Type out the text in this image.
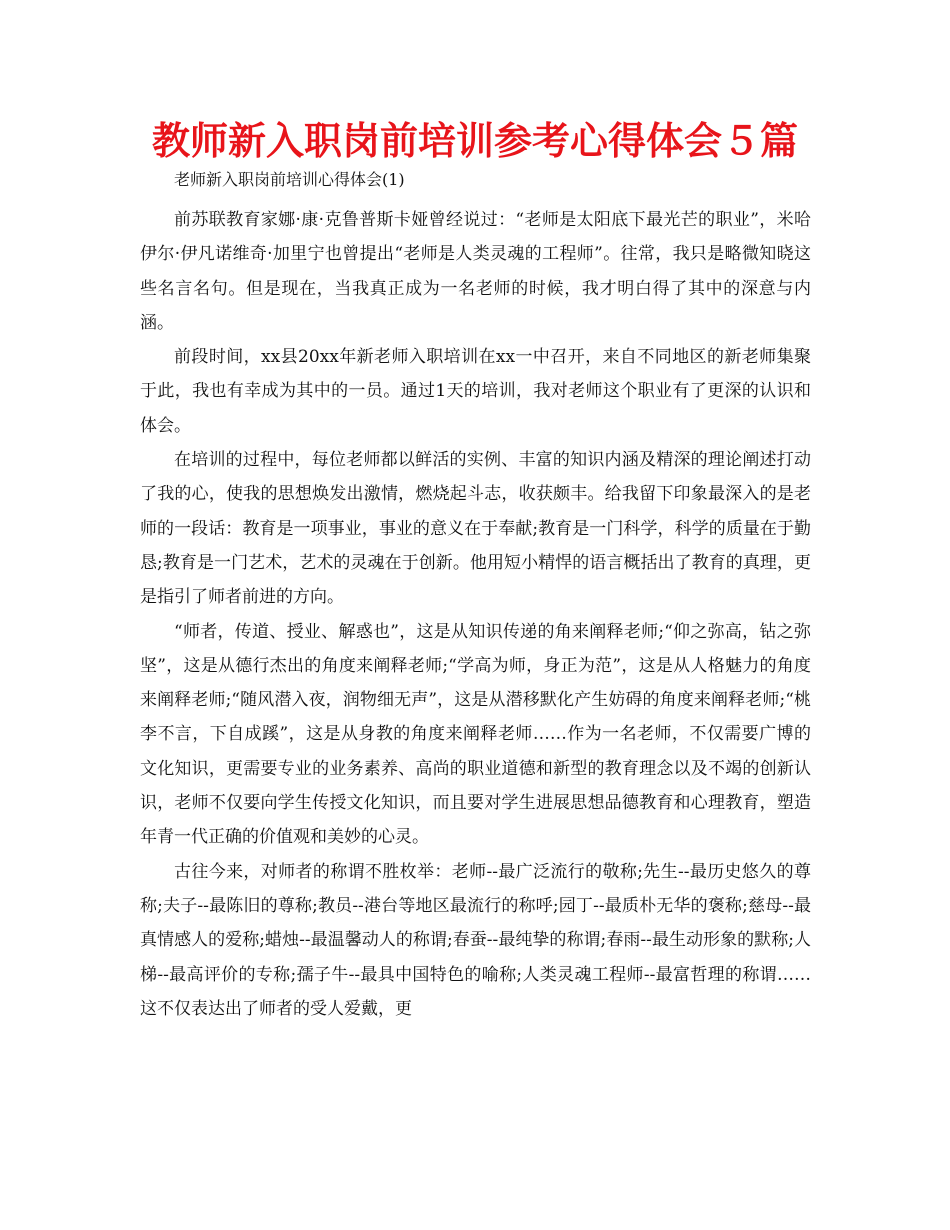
教师新入职岗前培训参考心得体会５篇
老师新入职岗前培训心得体会(1)

前苏联教育家娜·康·克鲁普斯卡娅曾经说过：“老师是太阳底下最光芒的职业”，米哈伊尔·伊凡诺维奇·加里宁也曾提出“老师是人类灵魂的工程师”。往常，我只是略微知晓这些名言名句。但是现在，当我真正成为一名老师的时候，我才明白得了其中的深意与内涵。

前段时间，xx县20xx年新老师入职培训在xx一中召开，来自不同地区的新老师集聚于此，我也有幸成为其中的一员。通过1天的培训，我对老师这个职业有了更深的认识和体会。

在培训的过程中，每位老师都以鲜活的实例、丰富的知识内涵及精深的理论阐述打动了我的心，使我的思想焕发出激情，燃烧起斗志，收获颇丰。给我留下印象最深入的是老师的一段话：教育是一项事业，事业的意义在于奉献;教育是一门科学，科学的质量在于勤恳;教育是一门艺术，艺术的灵魂在于创新。他用短小精悍的语言概括出了教育的真理，更是指引了师者前进的方向。

“师者，传道、授业、解惑也”，这是从知识传递的角来阐释老师;“仰之弥高，钻之弥坚”，这是从德行杰出的角度来阐释老师;“学高为师，身正为范”，这是从人格魅力的角度来阐释老师;“随风潜入夜，润物细无声”，这是从潜移默化产生妨碍的角度来阐释老师;“桃李不言，下自成蹊”，这是从身教的角度来阐释老师……作为一名老师，不仅需要广博的文化知识，更需要专业的业务素养、高尚的职业道德和新型的教育理念以及不竭的创新认识，老师不仅要向学生传授文化知识，而且要对学生进展思想品德教育和心理教育，塑造年青一代正确的价值观和美妙的心灵。

古往今来，对师者的称谓不胜枚举：老师--最广泛流行的敬称;先生--最历史悠久的尊称;夫子--最陈旧的尊称;教员--港台等地区最流行的称呼;园丁--最质朴无华的褒称;慈母--最真情感人的爱称;蜡烛--最温馨动人的称谓;春蚕--最纯挚的称谓;春雨--最生动形象的默称;人梯--最高评价的专称;孺子牛--最具中国特色的喻称;人类灵魂工程师--最富哲理的称谓……这不仅表达出了师者的受人爱戴，更
